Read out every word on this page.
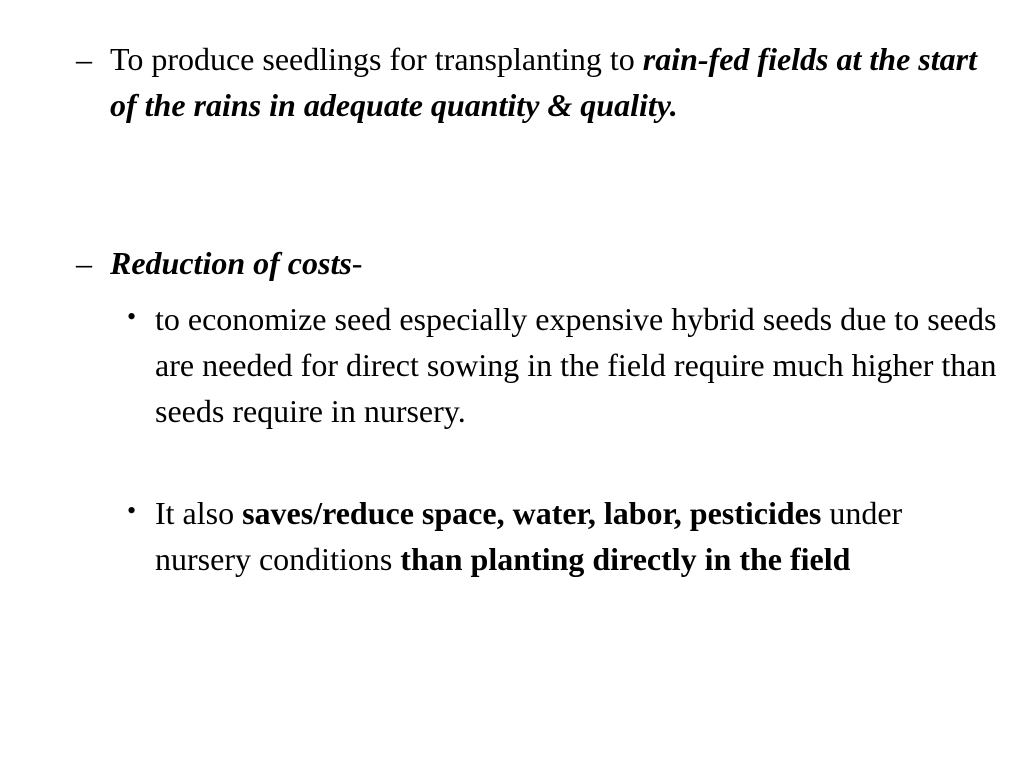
– To produce seedlings for transplanting to rain-fed fields at the start of the rains in adequate quantity & quality.
– Reduction of costs-
• to economize seed especially expensive hybrid seeds due to seeds are needed for direct sowing in the field require much higher than seeds require in nursery.
• It also saves/reduce space, water, labor, pesticides under nursery conditions than planting directly in the field
